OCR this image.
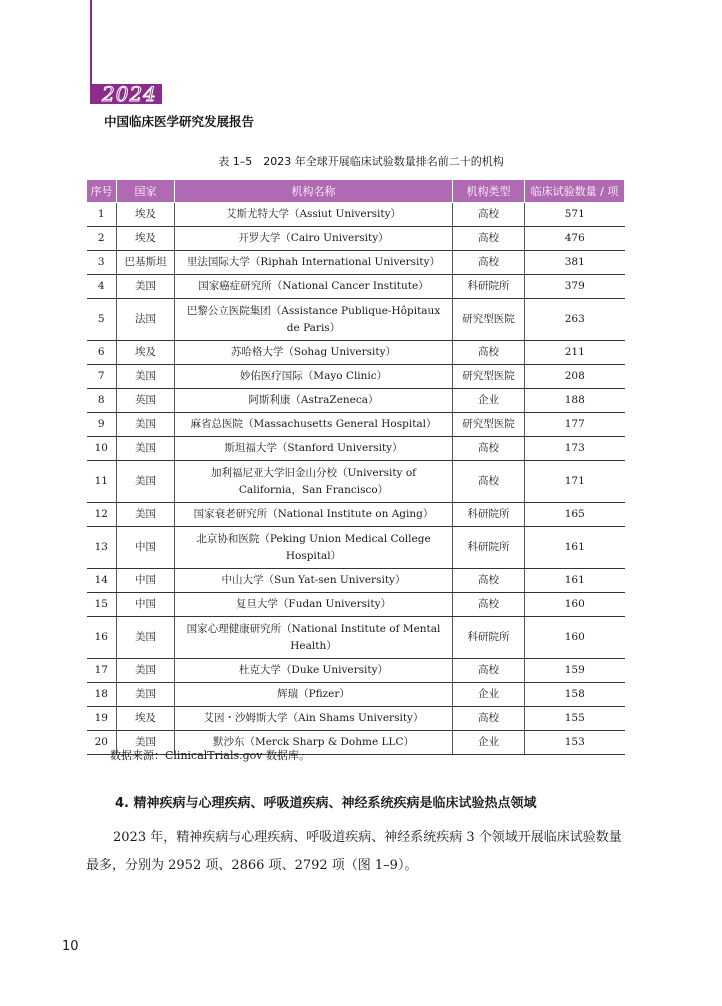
2024
中国临床医学研究发展报告
表 1–5　2023 年全球开展临床试验数量排名前二十的机构
序号	国家	机构名称	机构类型	临床试验数量 / 项
1	埃及	艾斯尤特大学（Assiut University）	高校	571
2	埃及	开罗大学（Cairo University）	高校	476
3	巴基斯坦	里法国际大学（Riphah International University）	高校	381
4	美国	国家癌症研究所（National Cancer Institute）	科研院所	379
5	法国	巴黎公立医院集团（Assistance Publique-Hôpitaux de Paris）	研究型医院	263
6	埃及	苏哈格大学（Sohag University）	高校	211
7	美国	妙佑医疗国际（Mayo Clinic）	研究型医院	208
8	英国	阿斯利康（AstraZeneca）	企业	188
9	美国	麻省总医院（Massachusetts General Hospital）	研究型医院	177
10	美国	斯坦福大学（Stanford University）	高校	173
11	美国	加利福尼亚大学旧金山分校（University of California，San Francisco）	高校	171
12	美国	国家衰老研究所（National Institute on Aging）	科研院所	165
13	中国	北京协和医院（Peking Union Medical College Hospital）	科研院所	161
14	中国	中山大学（Sun Yat-sen University）	高校	161
15	中国	复旦大学（Fudan University）	高校	160
16	美国	国家心理健康研究所（National Institute of Mental Health）	科研院所	160
17	美国	杜克大学（Duke University）	高校	159
18	美国	辉瑞（Pfizer）	企业	158
19	埃及	艾因・沙姆斯大学（Ain Shams University）	高校	155
20	美国	默沙东（Merck Sharp & Dohme LLC）	企业	153
数据来源：ClinicalTrials.gov 数据库。
4. 精神疾病与心理疾病、呼吸道疾病、神经系统疾病是临床试验热点领域
2023 年，精神疾病与心理疾病、呼吸道疾病、神经系统疾病 3 个领域开展临床试验数量最多，分别为 2952 项、2866 项、2792 项（图 1–9）。
10
